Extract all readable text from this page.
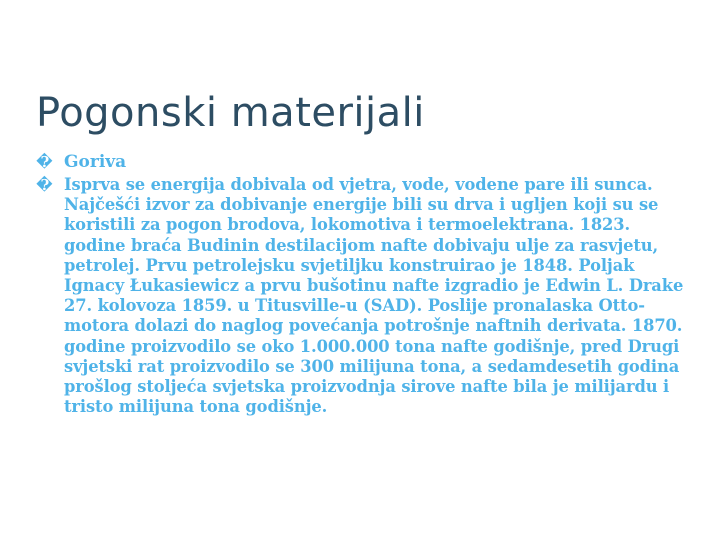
Pogonski materijali
� Goriva
� Isprva se energija dobivala od vjetra, vode, vodene pare ili sunca. Najčešći izvor za dobivanje energije bili su drva i ugljen koji su se koristili za pogon brodova, lokomotiva i termoelektrana. 1823. godine braća Budinin destilacijom nafte dobivaju ulje za rasvjetu, petrolej. Prvu petrolejsku svjetiljku konstruirao je 1848. Poljak Ignacy Łukasiewicz a prvu bušotinu nafte izgradio je Edwin L. Drake 27. kolovoza 1859. u Titusville-u (SAD). Poslije pronalaska Otto-motora dolazi do naglog povećanja potrošnje naftnih derivata. 1870. godine proizvodilo se oko 1.000.000 tona nafte godišnje, pred Drugi svjetski rat proizvodilo se 300 milijuna tona, a sedamdesetih godina prošlog stoljeća svjetska proizvodnja sirove nafte bila je milijardu i tristo milijuna tona godišnje.
